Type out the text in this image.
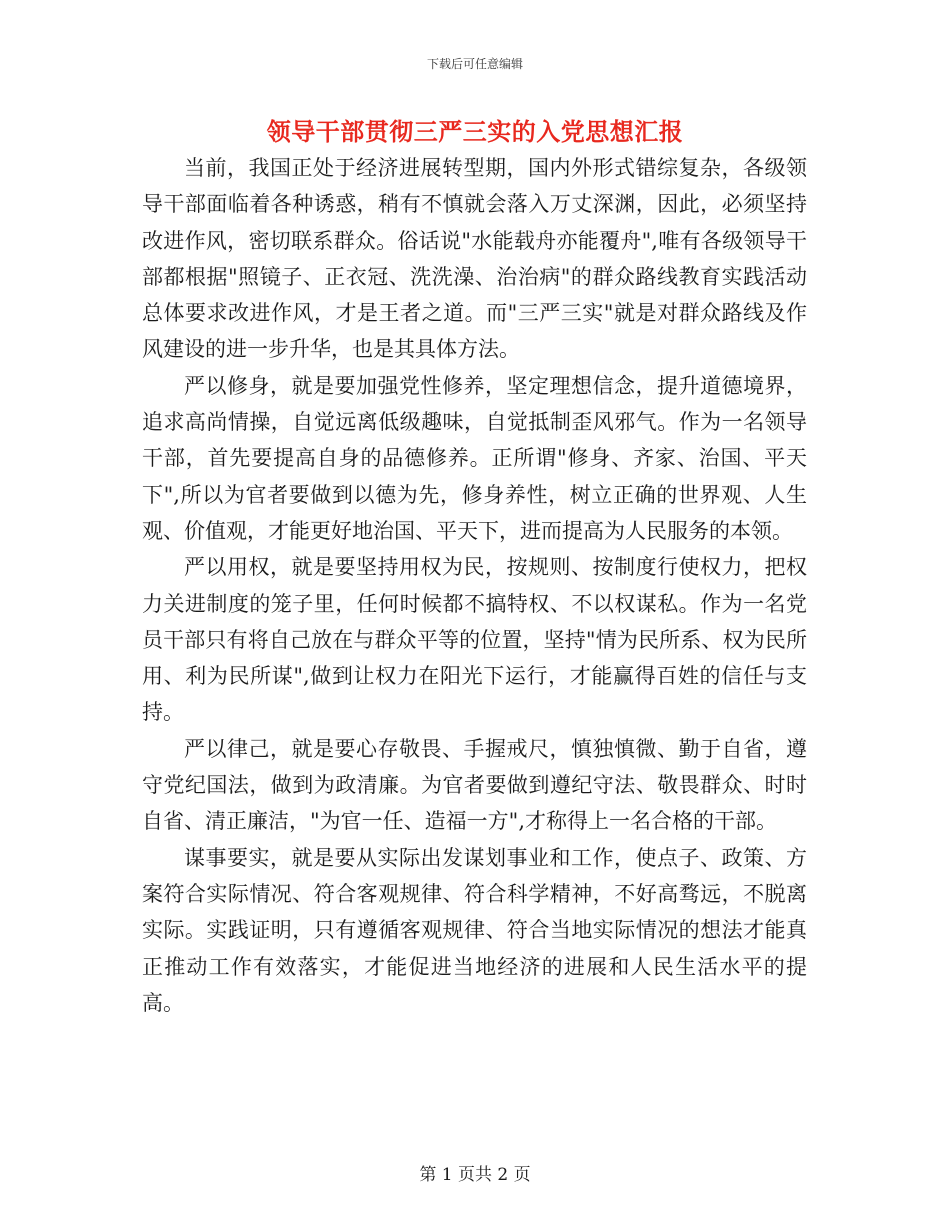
下载后可任意编辑
领导干部贯彻三严三实的入党思想汇报

当前，我国正处于经济进展转型期，国内外形式错综复杂，各级领导干部面临着各种诱惑，稍有不慎就会落入万丈深渊，因此，必须坚持改进作风，密切联系群众。俗话说"水能载舟亦能覆舟",唯有各级领导干部都根据"照镜子、正衣冠、洗洗澡、治治病"的群众路线教育实践活动总体要求改进作风，才是王者之道。而"三严三实"就是对群众路线及作风建设的进一步升华，也是其具体方法。

严以修身，就是要加强党性修养，坚定理想信念，提升道德境界，追求高尚情操，自觉远离低级趣味，自觉抵制歪风邪气。作为一名领导干部，首先要提高自身的品德修养。正所谓"修身、齐家、治国、平天下",所以为官者要做到以德为先，修身养性，树立正确的世界观、人生观、价值观，才能更好地治国、平天下，进而提高为人民服务的本领。

严以用权，就是要坚持用权为民，按规则、按制度行使权力，把权力关进制度的笼子里，任何时候都不搞特权、不以权谋私。作为一名党员干部只有将自己放在与群众平等的位置，坚持"情为民所系、权为民所用、利为民所谋",做到让权力在阳光下运行，才能赢得百姓的信任与支持。

严以律己，就是要心存敬畏、手握戒尺，慎独慎微、勤于自省，遵守党纪国法，做到为政清廉。为官者要做到遵纪守法、敬畏群众、时时自省、清正廉洁，"为官一任、造福一方",才称得上一名合格的干部。

谋事要实，就是要从实际出发谋划事业和工作，使点子、政策、方案符合实际情况、符合客观规律、符合科学精神，不好高骛远，不脱离实际。实践证明，只有遵循客观规律、符合当地实际情况的想法才能真正推动工作有效落实，才能促进当地经济的进展和人民生活水平的提高。

第 1 页共 2 页
